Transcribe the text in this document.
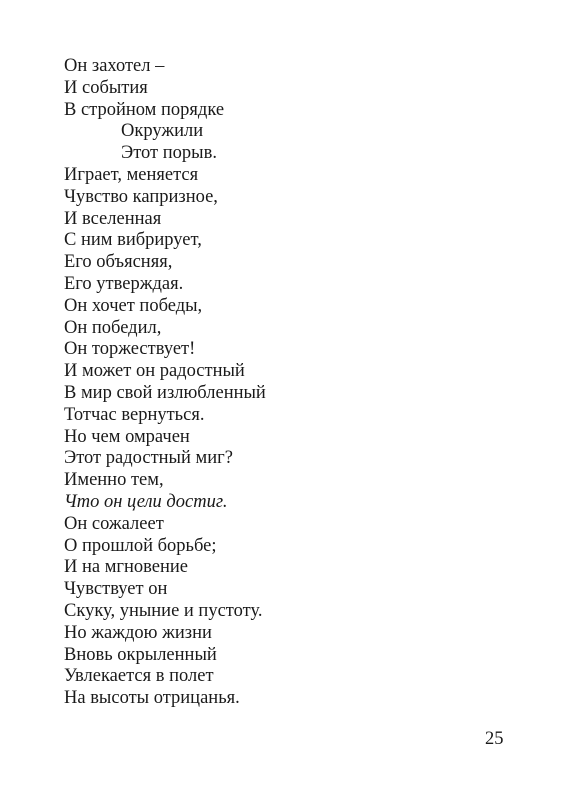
Он захотел –
И события
В стройном порядке
Окружили
Этот порыв.
Играет, меняется
Чувство капризное,
И вселенная
С ним вибрирует,
Его объясняя,
Его утверждая.
Он хочет победы,
Он победил,
Он торжествует!
И может он радостный
В мир свой излюбленный
Тотчас вернуться.
Но чем омрачен
Этот радостный миг?
Именно тем,
Что он цели достиг.
Он сожалеет
О прошлой борьбе;
И на мгновение
Чувствует он
Скуку, уныние и пустоту.
Но жаждою жизни
Вновь окрыленный
Увлекается в полет
На высоты отрицанья.
25
